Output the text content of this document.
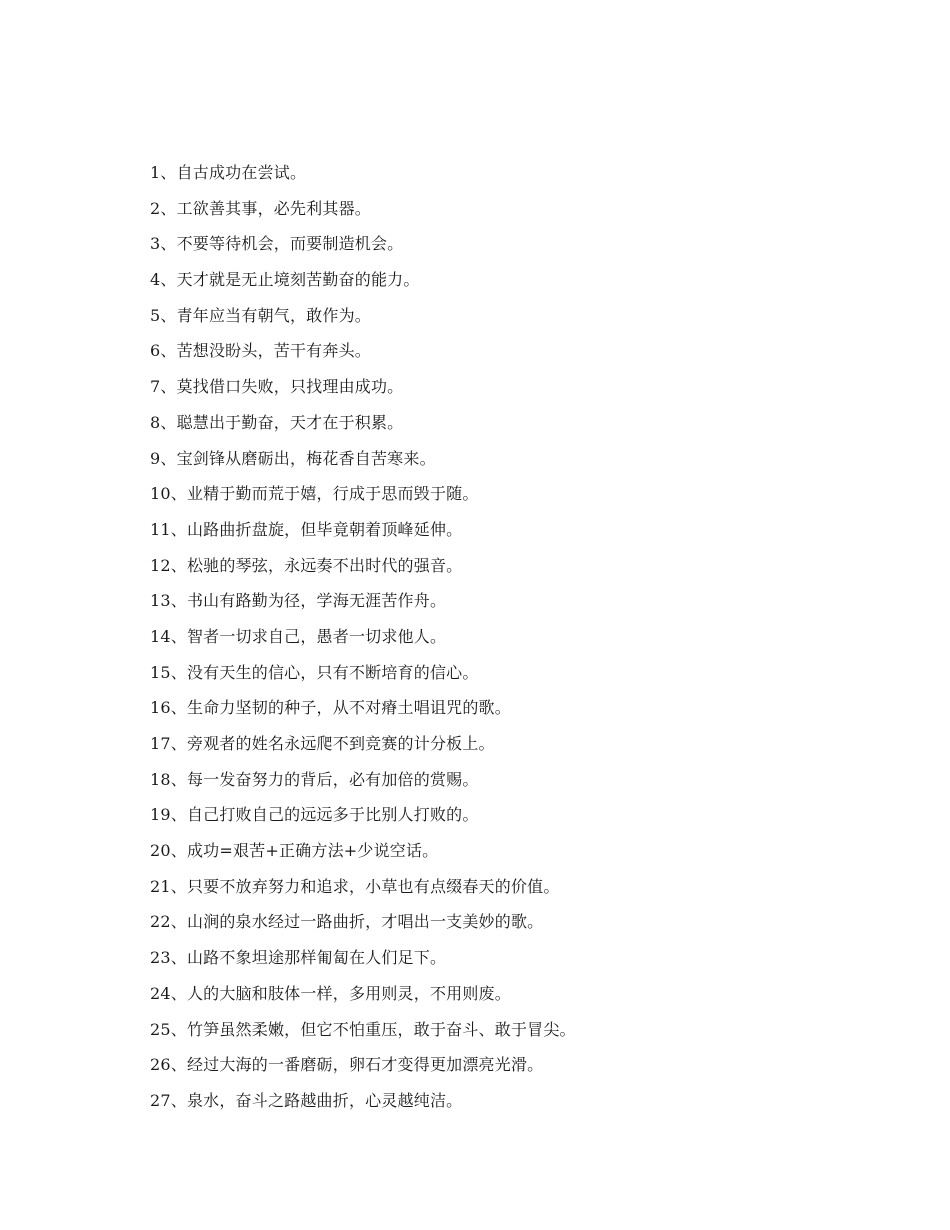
1、自古成功在尝试。
2、工欲善其事，必先利其器。
3、不要等待机会，而要制造机会。
4、天才就是无止境刻苦勤奋的能力。
5、青年应当有朝气，敢作为。
6、苦想没盼头，苦干有奔头。
7、莫找借口失败，只找理由成功。
8、聪慧出于勤奋，天才在于积累。
9、宝剑锋从磨砺出，梅花香自苦寒来。
10、业精于勤而荒于嬉，行成于思而毁于随。
11、山路曲折盘旋，但毕竟朝着顶峰延伸。
12、松驰的琴弦，永远奏不出时代的强音。
13、书山有路勤为径，学海无涯苦作舟。
14、智者一切求自己，愚者一切求他人。
15、没有天生的信心，只有不断培育的信心。
16、生命力坚韧的种子，从不对瘠土唱诅咒的歌。
17、旁观者的姓名永远爬不到竞赛的计分板上。
18、每一发奋努力的背后，必有加倍的赏赐。
19、自己打败自己的远远多于比别人打败的。
20、成功=艰苦+正确方法+少说空话。
21、只要不放弃努力和追求，小草也有点缀春天的价值。
22、山涧的泉水经过一路曲折，才唱出一支美妙的歌。
23、山路不象坦途那样匍匐在人们足下。
24、人的大脑和肢体一样，多用则灵，不用则废。
25、竹笋虽然柔嫩，但它不怕重压，敢于奋斗、敢于冒尖。
26、经过大海的一番磨砺，卵石才变得更加漂亮光滑。
27、泉水，奋斗之路越曲折，心灵越纯洁。
